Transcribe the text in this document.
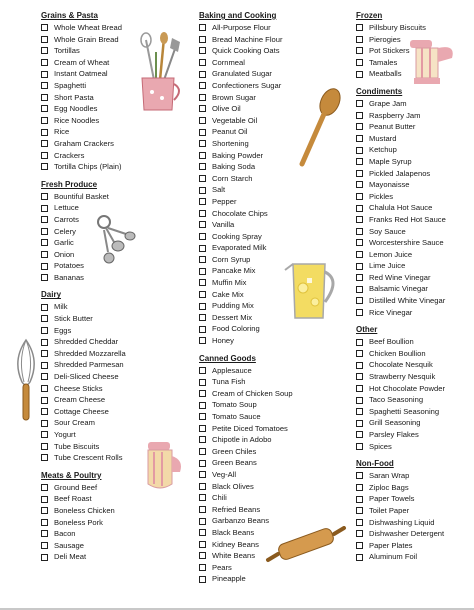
Grains & Pasta
Whole Wheat Bread
Whole Grain Bread
Tortillas
Cream of Wheat
Instant Oatmeal
Spaghetti
Short Pasta
Egg Noodles
Rice Noodles
Rice
Graham Crackers
Crackers
Tortilla Chips (Plain)
Fresh Produce
Bountiful Basket
Lettuce
Carrots
Celery
Garlic
Onion
Potatoes
Bananas
Dairy
Milk
Stick Butter
Eggs
Shredded Cheddar
Shredded Mozzarella
Shredded Parmesan
Deli-Sliced Cheese
Cheese Sticks
Cream Cheese
Cottage Cheese
Sour Cream
Yogurt
Tube Biscuits
Tube Crescent Rolls
Meats & Poultry
Ground Beef
Beef Roast
Boneless Chicken
Boneless Pork
Bacon
Sausage
Deli Meat
Baking and Cooking
All-Purpose Flour
Bread Machine Flour
Quick Cooking Oats
Cornmeal
Granulated Sugar
Confectioners Sugar
Brown Sugar
Olive Oil
Vegetable Oil
Peanut Oil
Shortening
Baking Powder
Baking Soda
Corn Starch
Salt
Pepper
Chocolate Chips
Vanilla
Cooking Spray
Evaporated Milk
Corn Syrup
Pancake Mix
Muffin Mix
Cake Mix
Pudding Mix
Dessert Mix
Food Coloring
Honey
Canned Goods
Applesauce
Tuna Fish
Cream of Chicken Soup
Tomato Soup
Tomato Sauce
Petite Diced Tomatoes
Chipotle in Adobo
Green Chiles
Green Beans
Veg-All
Black Olives
Chili
Refried Beans
Garbanzo Beans
Black Beans
Kidney Beans
White Beans
Pears
Pineapple
Frozen
Pillsbury Biscuits
Pierogies
Pot Stickers
Tamales
Meatballs
Condiments
Grape Jam
Raspberry Jam
Peanut Butter
Mustard
Ketchup
Maple Syrup
Pickled Jalapenos
Mayonaisse
Pickles
Chalula Hot Sauce
Franks Red Hot Sauce
Soy Sauce
Worcestershire Sauce
Lemon Juice
Lime Juice
Red Wine Vinegar
Balsamic Vinegar
Distilled White Vinegar
Rice Vinegar
Other
Beef Boullion
Chicken Boullion
Chocolate Nesquik
Strawberry Nesquik
Hot Chocolate Powder
Taco Seasoning
Spaghetti Seasoning
Grill Seasoning
Parsley Flakes
Spices
Non-Food
Saran Wrap
Ziploc Bags
Paper Towels
Toilet Paper
Dishwashing Liquid
Dishwasher Detergent
Paper Plates
Aluminum Foil
